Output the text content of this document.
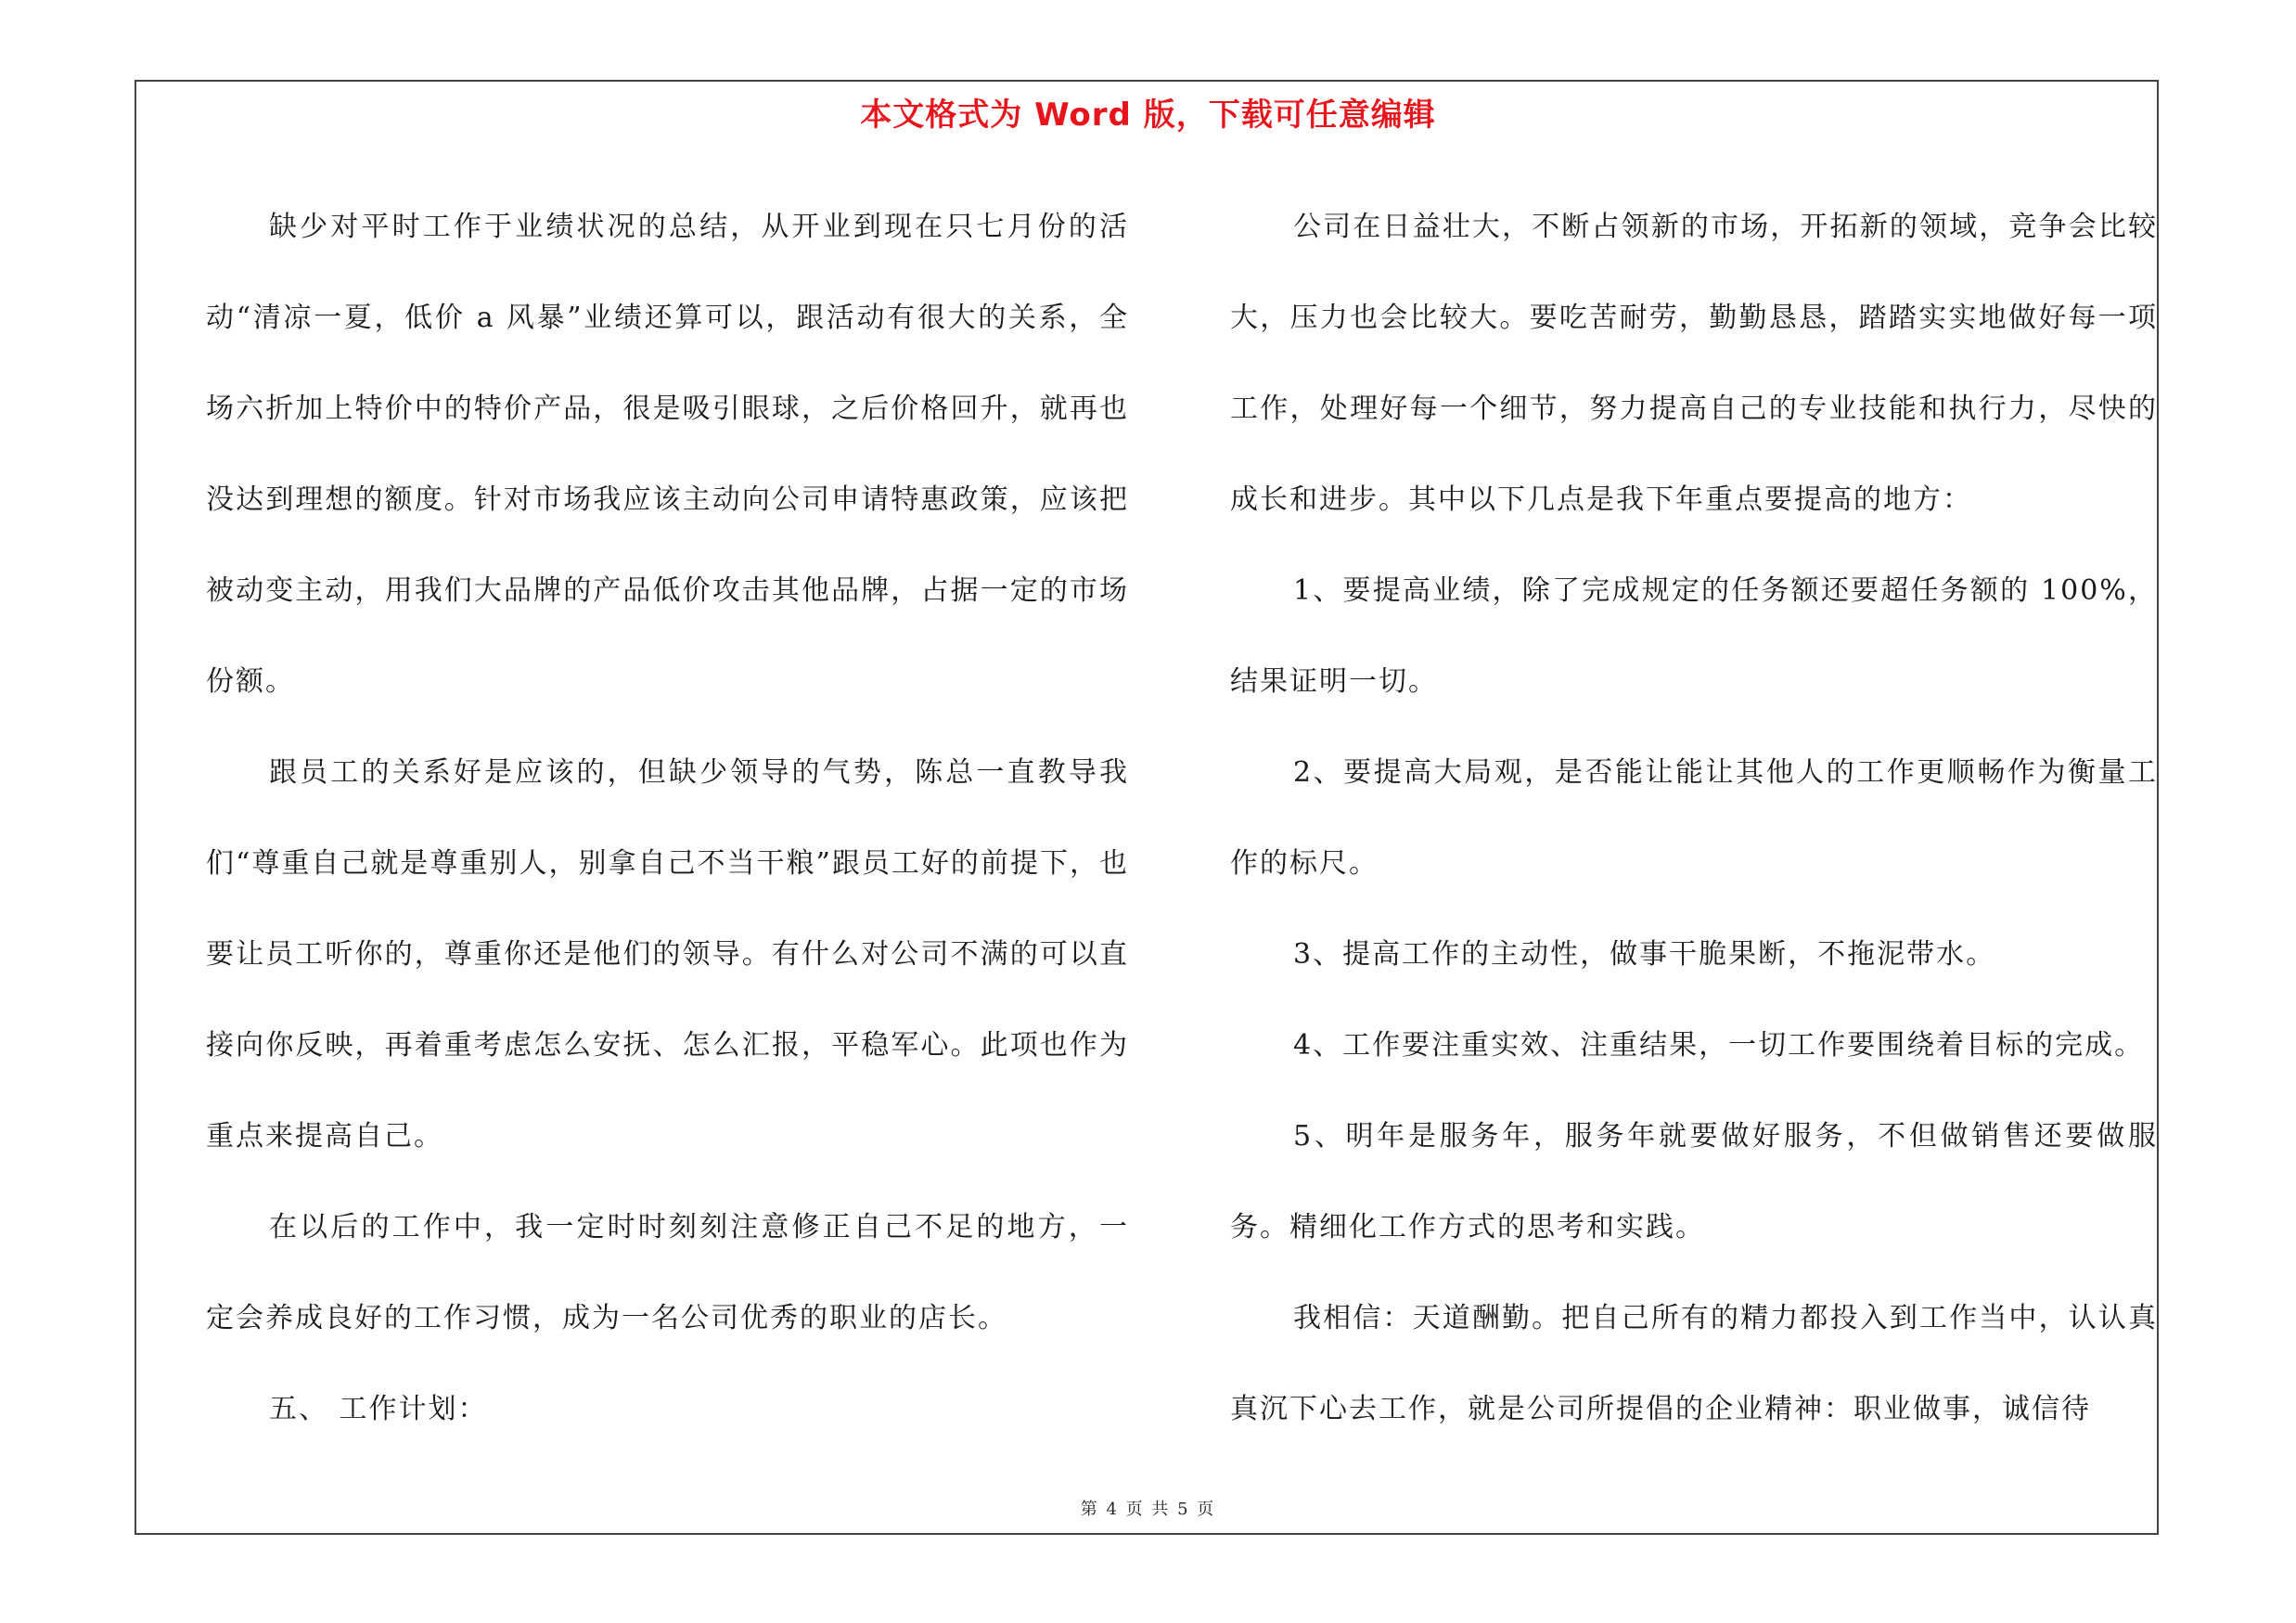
本文格式为 Word 版，下载可任意编辑

缺少对平时工作于业绩状况的总结，从开业到现在只七月份的活动“清凉一夏，低价 a 风暴”业绩还算可以，跟活动有很大的关系，全场六折加上特价中的特价产品，很是吸引眼球，之后价格回升，就再也没达到理想的额度。针对市场我应该主动向公司申请特惠政策，应该把被动变主动，用我们大品牌的产品低价攻击其他品牌，占据一定的市场份额。

跟员工的关系好是应该的，但缺少领导的气势，陈总一直教导我们“尊重自己就是尊重别人，别拿自己不当干粮”跟员工好的前提下，也要让员工听你的，尊重你还是他们的领导。有什么对公司不满的可以直接向你反映，再着重考虑怎么安抚、怎么汇报，平稳军心。此项也作为重点来提高自己。

在以后的工作中，我一定时时刻刻注意修正自己不足的地方，一定会养成良好的工作习惯，成为一名公司优秀的职业的店长。

五、 工作计划：

公司在日益壮大，不断占领新的市场，开拓新的领域，竞争会比较大，压力也会比较大。要吃苦耐劳，勤勤恳恳，踏踏实实地做好每一项工作，处理好每一个细节，努力提高自己的专业技能和执行力，尽快的成长和进步。其中以下几点是我下年重点要提高的地方：

1、要提高业绩，除了完成规定的任务额还要超任务额的 100%，结果证明一切。

2、要提高大局观，是否能让能让其他人的工作更顺畅作为衡量工作的标尺。

3、提高工作的主动性，做事干脆果断，不拖泥带水。

4、工作要注重实效、注重结果，一切工作要围绕着目标的完成。

5、明年是服务年，服务年就要做好服务，不但做销售还要做服务。精细化工作方式的思考和实践。

我相信：天道酬勤。把自己所有的精力都投入到工作当中，认认真真沉下心去工作，就是公司所提倡的企业精神：职业做事，诚信待

第 4 页 共 5 页
